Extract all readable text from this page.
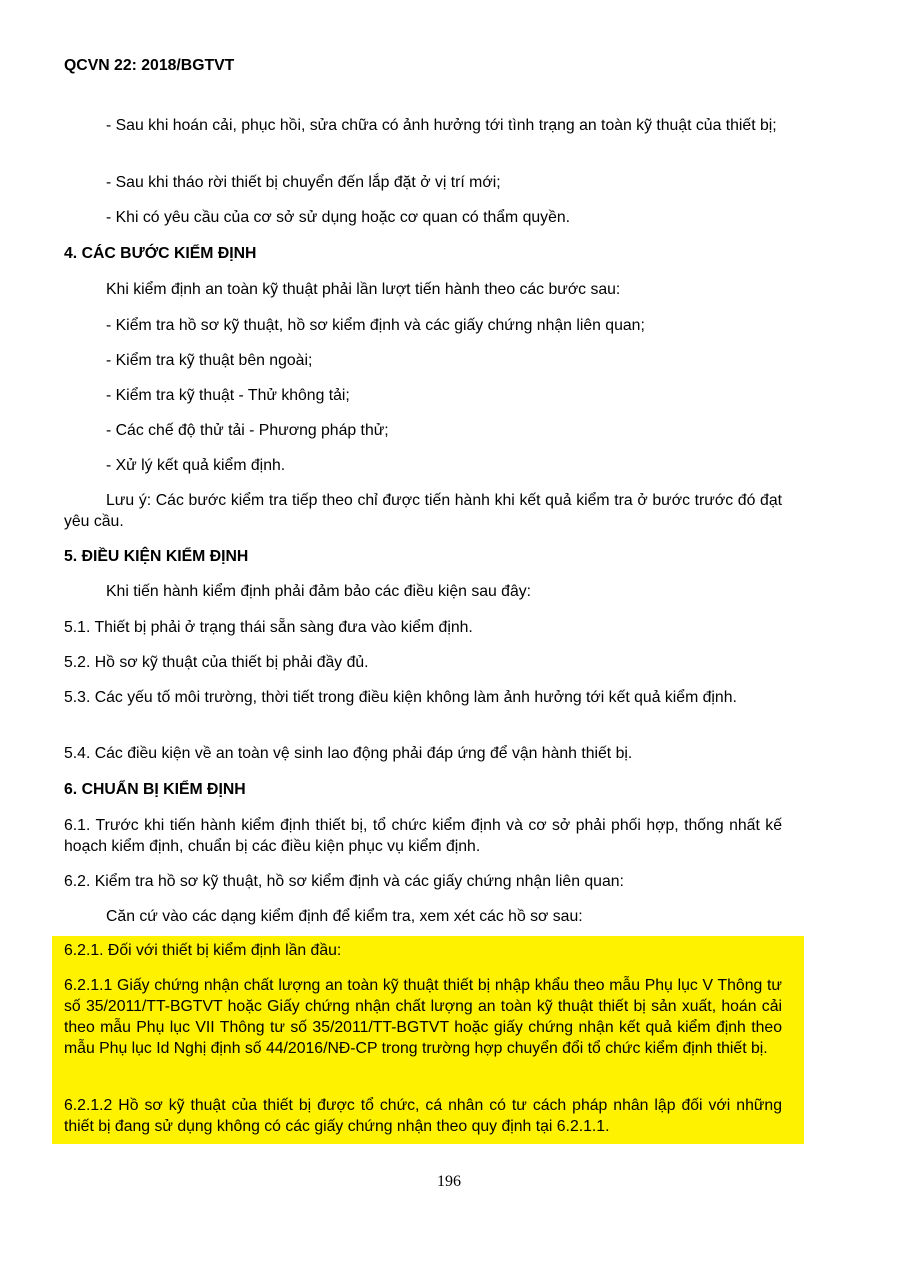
QCVN 22: 2018/BGTVT

- Sau khi hoán cải, phục hồi, sửa chữa có ảnh hưởng tới tình trạng an toàn kỹ thuật của thiết bị;

- Sau khi tháo rời thiết bị chuyển đến lắp đặt ở vị trí mới;

- Khi có yêu cầu của cơ sở sử dụng hoặc cơ quan có thẩm quyền.

4. CÁC BƯỚC KIỂM ĐỊNH

Khi kiểm định an toàn kỹ thuật phải lần lượt tiến hành theo các bước sau:

- Kiểm tra hồ sơ kỹ thuật, hồ sơ kiểm định và các giấy chứng nhận liên quan;

- Kiểm tra kỹ thuật bên ngoài;

- Kiểm tra kỹ thuật - Thử không tải;

- Các chế độ thử tải - Phương pháp thử;

- Xử lý kết quả kiểm định.

Lưu ý: Các bước kiểm tra tiếp theo chỉ được tiến hành khi kết quả kiểm tra ở bước trước đó đạt yêu cầu.

5. ĐIỀU KIỆN KIỂM ĐỊNH

Khi tiến hành kiểm định phải đảm bảo các điều kiện sau đây:

5.1. Thiết bị phải ở trạng thái sẵn sàng đưa vào kiểm định.

5.2. Hồ sơ kỹ thuật của thiết bị phải đầy đủ.

5.3. Các yếu tố môi trường, thời tiết trong điều kiện không làm ảnh hưởng tới kết quả kiểm định.

5.4. Các điều kiện về an toàn vệ sinh lao động phải đáp ứng để vận hành thiết bị.

6. CHUẨN BỊ KIỂM ĐỊNH

6.1. Trước khi tiến hành kiểm định thiết bị, tổ chức kiểm định và cơ sở phải phối hợp, thống nhất kế hoạch kiểm định, chuẩn bị các điều kiện phục vụ kiểm định.

6.2. Kiểm tra hồ sơ kỹ thuật, hồ sơ kiểm định và các giấy chứng nhận liên quan:

Căn cứ vào các dạng kiểm định để kiểm tra, xem xét các hồ sơ sau:

6.2.1. Đối với thiết bị kiểm định lần đầu:

6.2.1.1 Giấy chứng nhận chất lượng an toàn kỹ thuật thiết bị nhập khẩu theo mẫu Phụ lục V Thông tư số 35/2011/TT-BGTVT hoặc Giấy chứng nhận chất lượng an toàn kỹ thuật thiết bị sản xuất, hoán cải theo mẫu Phụ lục VII Thông tư số 35/2011/TT-BGTVT hoặc giấy chứng nhận kết quả kiểm định theo mẫu Phụ lục Id Nghị định số 44/2016/NĐ-CP trong trường hợp chuyển đổi tổ chức kiểm định thiết bị.

6.2.1.2 Hồ sơ kỹ thuật của thiết bị được tổ chức, cá nhân có tư cách pháp nhân lập đối với những thiết bị đang sử dụng không có các giấy chứng nhận theo quy định tại 6.2.1.1.

196
